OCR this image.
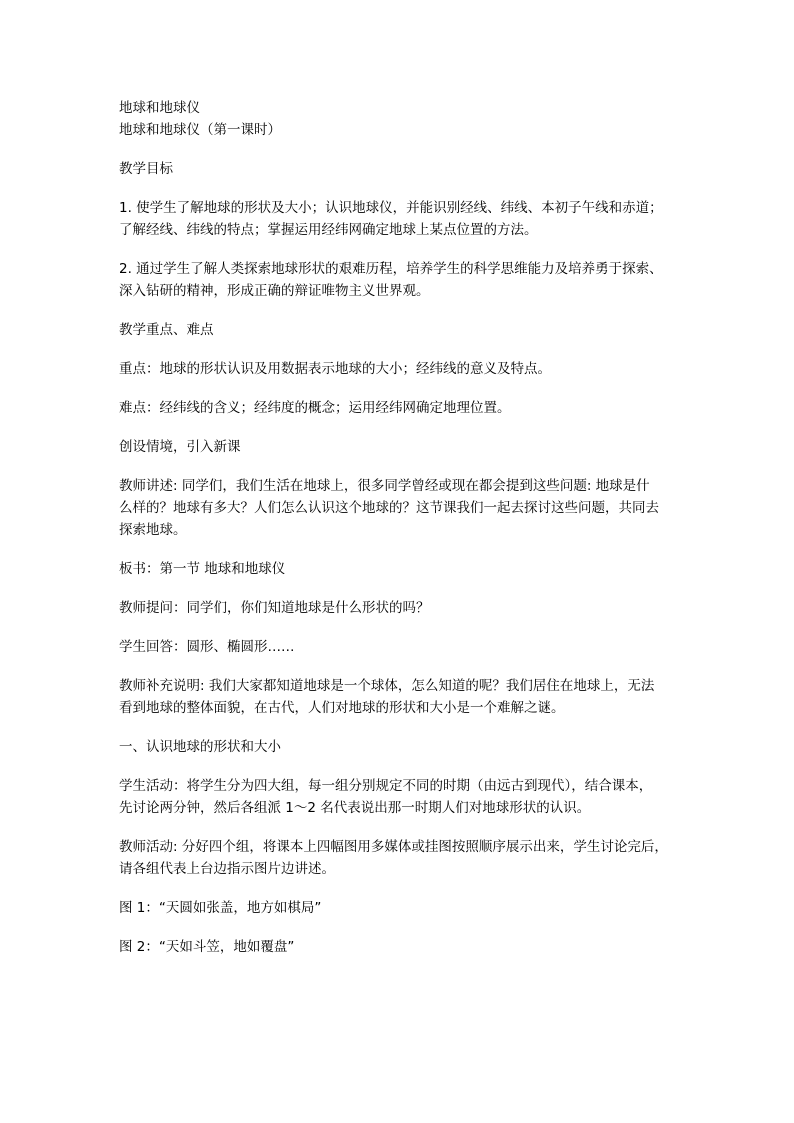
地球和地球仪

地球和地球仪（第一课时）

教学目标
1. 使学生了解地球的形状及大小；认识地球仪，并能识别经线、纬线、本初子午线和赤道；
了解经线、纬线的特点；掌握运用经纬网确定地球上某点位置的方法。
2. 通过学生了解人类探索地球形状的艰难历程，培养学生的科学思维能力及培养勇于探索、
深入钻研的精神，形成正确的辩证唯物主义世界观。
教学重点、难点
重点：地球的形状认识及用数据表示地球的大小；经纬线的意义及特点。
难点：经纬线的含义；经纬度的概念；运用经纬网确定地理位置。
创设情境，引入新课
教师讲述: 同学们，我们生活在地球上，很多同学曾经或现在都会提到这些问题: 地球是什
么样的？地球有多大？人们怎么认识这个地球的？这节课我们一起去探讨这些问题，共同去
探索地球。
板书：第一节 地球和地球仪
教师提问：同学们，你们知道地球是什么形状的吗？
学生回答：圆形、椭圆形……
教师补充说明: 我们大家都知道地球是一个球体，怎么知道的呢？我们居住在地球上，无法
看到地球的整体面貌，在古代，人们对地球的形状和大小是一个难解之谜。
一、认识地球的形状和大小
学生活动：将学生分为四大组，每一组分别规定不同的时期（由远古到现代），结合课本，
先讨论两分钟，然后各组派 1～2 名代表说出那一时期人们对地球形状的认识。
教师活动: 分好四个组，将课本上四幅图用多媒体或挂图按照顺序展示出来，学生讨论完后，
请各组代表上台边指示图片边讲述。
图 1：“天圆如张盖，地方如棋局”
图 2：“天如斗笠，地如覆盘”
